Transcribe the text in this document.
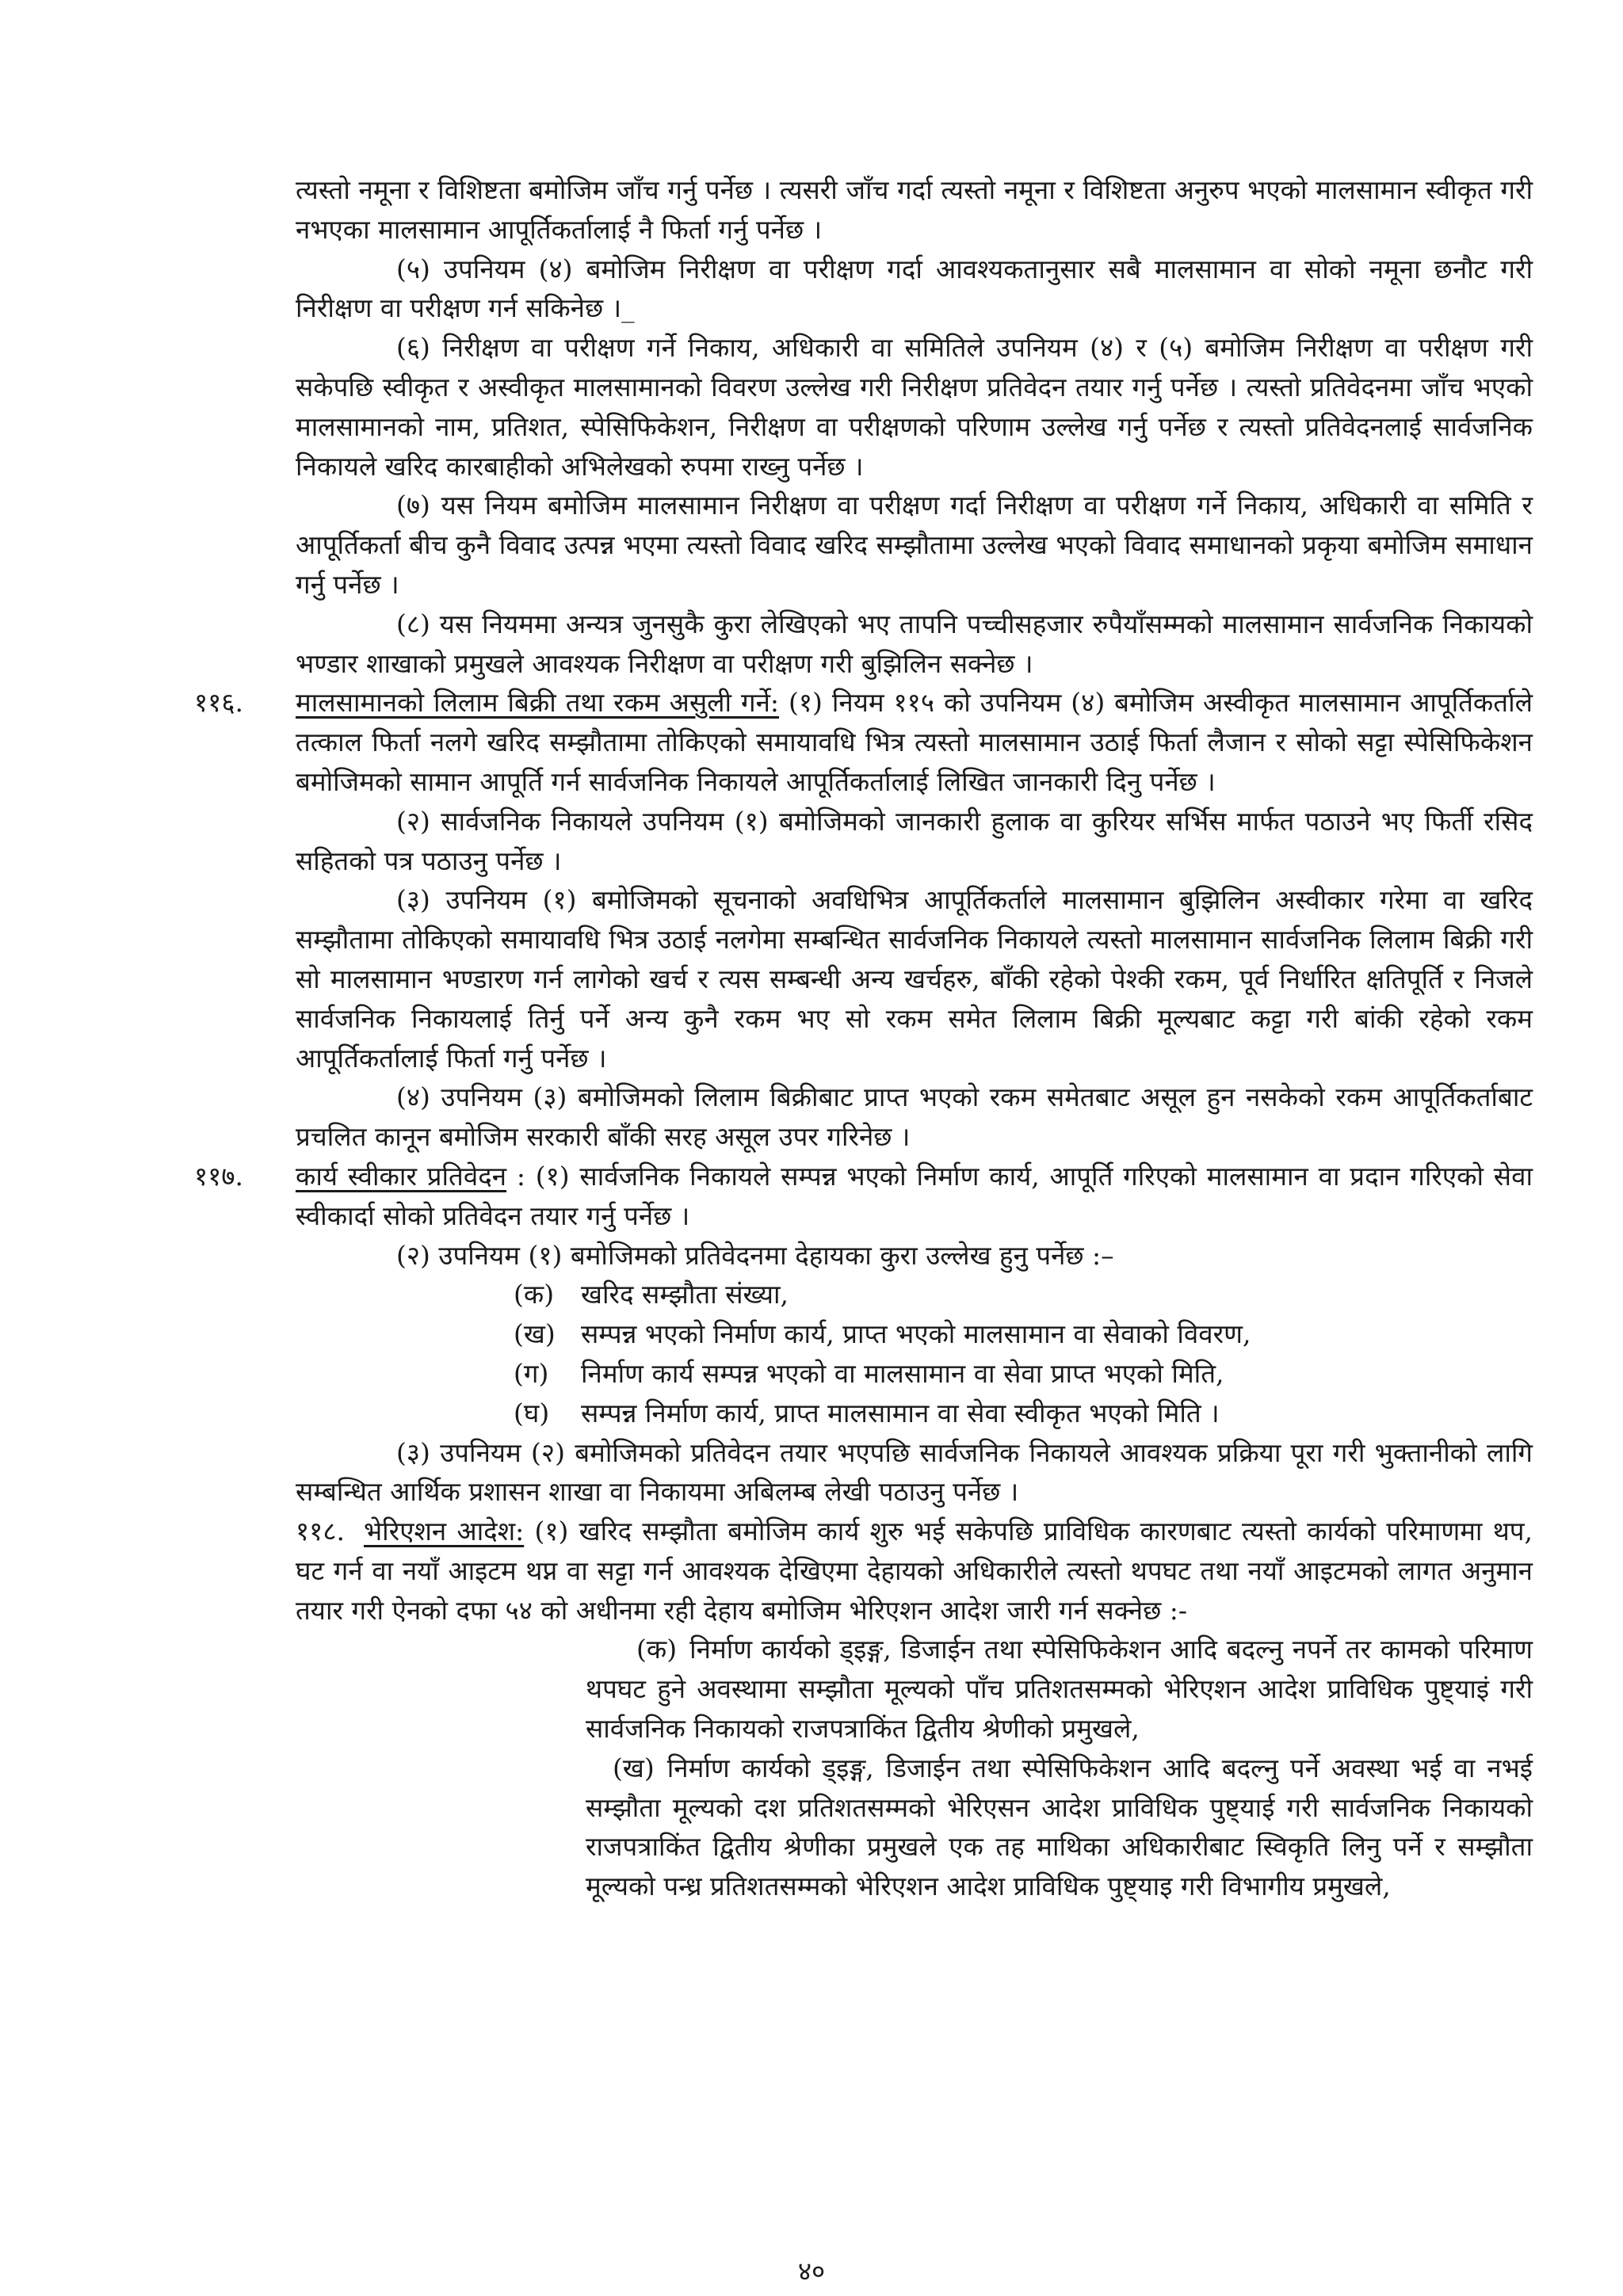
त्यस्तो नमूना र विशिष्टता बमोजिम जाँच गर्नु पर्नेछ । त्यसरी जाँच गर्दा त्यस्तो नमूना र विशिष्टता अनुरुप भएको मालसामान स्वीकृत गरी नभएका मालसामान आपूर्तिकर्तालाई नै फिर्ता गर्नु पर्नेछ ।

(५) उपनियम (४) बमोजिम निरीक्षण वा परीक्षण गर्दा आवश्यकतानुसार सबै मालसामान वा सोको नमूना छनौट गरी निरीक्षण वा परीक्षण गर्न सकिनेछ ।_

(६) निरीक्षण वा परीक्षण गर्ने निकाय, अधिकारी वा समितिले उपनियम (४) र (५) बमोजिम निरीक्षण वा परीक्षण गरी सकेपछि स्वीकृत र अस्वीकृत मालसामानको विवरण उल्लेख गरी निरीक्षण प्रतिवेदन तयार गर्नु पर्नेछ । त्यस्तो प्रतिवेदनमा जाँच भएको मालसामानको नाम, प्रतिशत, स्पेसिफिकेशन, निरीक्षण वा परीक्षणको परिणाम उल्लेख गर्नु पर्नेछ र त्यस्तो प्रतिवेदनलाई सार्वजनिक निकायले खरिद कारबाहीको अभिलेखको रुपमा राख्नु पर्नेछ ।

(७) यस नियम बमोजिम मालसामान निरीक्षण वा परीक्षण गर्दा निरीक्षण वा परीक्षण गर्ने निकाय, अधिकारी वा समिति र आपूर्तिकर्ता बीच कुनै विवाद उत्पन्न भएमा त्यस्तो विवाद खरिद सम्झौतामा उल्लेख भएको विवाद समाधानको प्रकृया बमोजिम समाधान गर्नु पर्नेछ ।

(८) यस नियममा अन्यत्र जुनसुकै कुरा लेखिएको भए तापनि पच्चीसहजार रुपैयाँसम्मको मालसामान सार्वजनिक निकायको भण्डार शाखाको प्रमुखले आवश्यक निरीक्षण वा परीक्षण गरी बुझिलिन सक्नेछ ।

११६. मालसामानको लिलाम बिक्री तथा रकम असुली गर्ने: (१) नियम ११५ को उपनियम (४) बमोजिम अस्वीकृत मालसामान आपूर्तिकर्ताले तत्काल फिर्ता नलगे खरिद सम्झौतामा तोकिएको समायावधि भित्र त्यस्तो मालसामान उठाई फिर्ता लैजान र सोको सट्टा स्पेसिफिकेशन बमोजिमको सामान आपूर्ति गर्न सार्वजनिक निकायले आपूर्तिकर्तालाई लिखित जानकारी दिनु पर्नेछ ।

(२) सार्वजनिक निकायले उपनियम (१) बमोजिमको जानकारी हुलाक वा कुरियर सर्भिस मार्फत पठाउने भए फिर्ती रसिद सहितको पत्र पठाउनु पर्नेछ ।

(३) उपनियम (१) बमोजिमको सूचनाको अवधिभित्र आपूर्तिकर्ताले मालसामान बुझिलिन अस्वीकार गरेमा वा खरिद सम्झौतामा तोकिएको समायावधि भित्र उठाई नलगेमा सम्बन्धित सार्वजनिक निकायले त्यस्तो मालसामान सार्वजनिक लिलाम बिक्री गरी सो मालसामान भण्डारण गर्न लागेको खर्च र त्यस सम्बन्धी अन्य खर्चहरु, बाँकी रहेको पेश्की रकम, पूर्व निर्धारित क्षतिपूर्ति र निजले सार्वजनिक निकायलाई तिर्नु पर्ने अन्य कुनै रकम भए सो रकम समेत लिलाम बिक्री मूल्यबाट कट्टा गरी बांकी रहेको रकम आपूर्तिकर्तालाई फिर्ता गर्नु पर्नेछ ।

(४) उपनियम (३) बमोजिमको लिलाम बिक्रीबाट प्राप्त भएको रकम समेतबाट असूल हुन नसकेको रकम आपूर्तिकर्ताबाट प्रचलित कानून बमोजिम सरकारी बाँकी सरह असूल उपर गरिनेछ ।

११७. कार्य स्वीकार प्रतिवेदन : (१) सार्वजनिक निकायले सम्पन्न भएको निर्माण कार्य, आपूर्ति गरिएको मालसामान वा प्रदान गरिएको सेवा स्वीकार्दा सोको प्रतिवेदन तयार गर्नु पर्नेछ ।

(२) उपनियम (१) बमोजिमको प्रतिवेदनमा देहायका कुरा उल्लेख हुनु पर्नेछ :–

(क) खरिद सम्झौता संख्या,
(ख) सम्पन्न भएको निर्माण कार्य, प्राप्त भएको मालसामान वा सेवाको विवरण,
(ग) निर्माण कार्य सम्पन्न भएको वा मालसामान वा सेवा प्राप्त भएको मिति,
(घ) सम्पन्न निर्माण कार्य, प्राप्त मालसामान वा सेवा स्वीकृत भएको मिति ।

(३) उपनियम (२) बमोजिमको प्रतिवेदन तयार भएपछि सार्वजनिक निकायले आवश्यक प्रक्रिया पूरा गरी भुक्तानीको लागि सम्बन्धित आर्थिक प्रशासन शाखा वा निकायमा अबिलम्ब लेखी पठाउनु पर्नेछ ।

११८. भेरिएशन आदेश: (१) खरिद सम्झौता बमोजिम कार्य शुरु भई सकेपछि प्राविधिक कारणबाट त्यस्तो कार्यको परिमाणमा थप, घट गर्न वा नयाँ आइटम थप्न वा सट्टा गर्न आवश्यक देखिएमा देहायको अधिकारीले त्यस्तो थपघट तथा नयाँ आइटमको लागत अनुमान तयार गरी ऐनको दफा ५४ को अधीनमा रही देहाय बमोजिम भेरिएशन आदेश जारी गर्न सक्नेछ :-

(क) निर्माण कार्यको ड्इङ्ग, डिजाईन तथा स्पेसिफिकेशन आदि बदल्नु नपर्ने तर कामको परिमाण थपघट हुने अवस्थामा सम्झौता मूल्यको पाँच प्रतिशतसम्मको भेरिएशन आदेश प्राविधिक पुष्ट्याइं गरी सार्वजनिक निकायको राजपत्राकिंत द्वितीय श्रेणीको प्रमुखले,

(ख) निर्माण कार्यको ड्इङ्ग, डिजाईन तथा स्पेसिफिकेशन आदि बदल्नु पर्ने अवस्था भई वा नभई सम्झौता मूल्यको दश प्रतिशतसम्मको भेरिएसन आदेश प्राविधिक पुष्ट्याई गरी सार्वजनिक निकायको राजपत्राकिंत द्वितीय श्रेणीका प्रमुखले एक तह माथिका अधिकारीबाट स्विकृति लिनु पर्ने र सम्झौता मूल्यको पन्ध्र प्रतिशतसम्मको भेरिएशन आदेश प्राविधिक पुष्ट्याइ गरी विभागीय प्रमुखले,

४०
